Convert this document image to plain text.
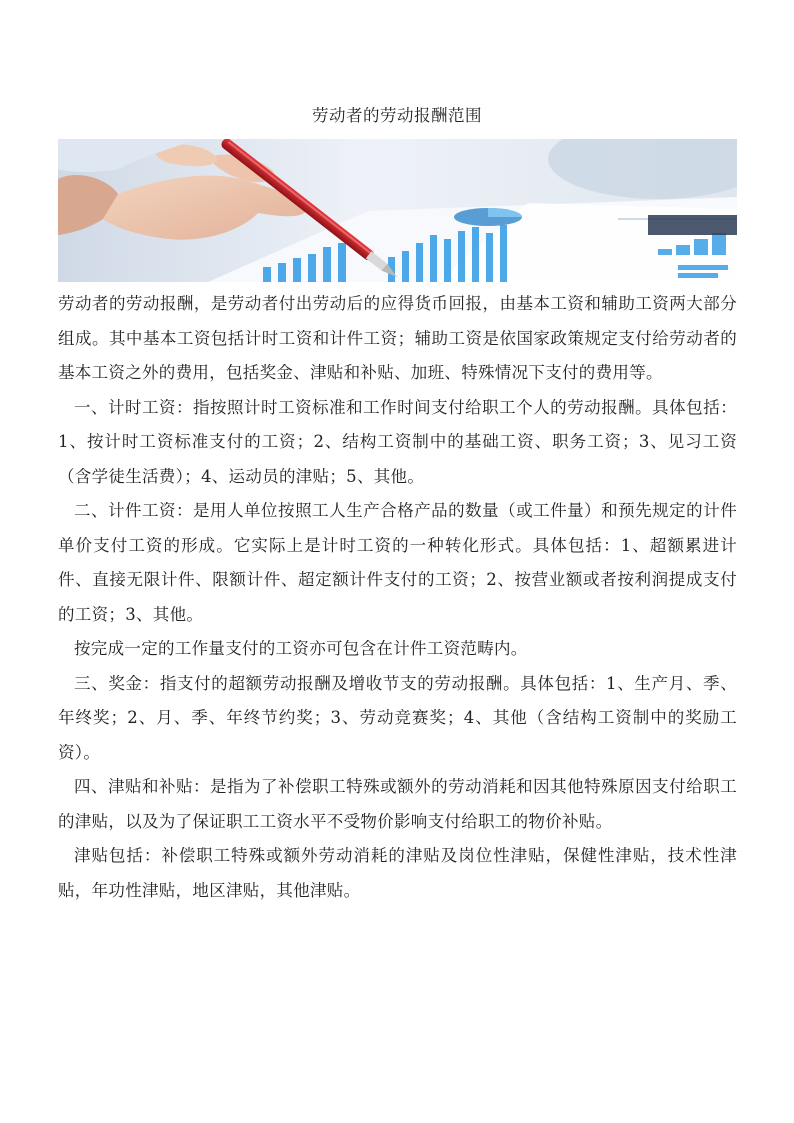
劳动者的劳动报酬范围

劳动者的劳动报酬，是劳动者付出劳动后的应得货币回报，由基本工资和辅助工资两大部分组成。其中基本工资包括计时工资和计件工资；辅助工资是依国家政策规定支付给劳动者的基本工资之外的费用，包括奖金、津贴和补贴、加班、特殊情况下支付的费用等。

一、计时工资：指按照计时工资标准和工作时间支付给职工个人的劳动报酬。具体包括：1、按计时工资标准支付的工资；2、结构工资制中的基础工资、职务工资；3、见习工资（含学徒生活费）；4、运动员的津贴；5、其他。

二、计件工资：是用人单位按照工人生产合格产品的数量（或工件量）和预先规定的计件单价支付工资的形成。它实际上是计时工资的一种转化形式。具体包括：1、超额累进计件、直接无限计件、限额计件、超定额计件支付的工资；2、按营业额或者按利润提成支付的工资；3、其他。

按完成一定的工作量支付的工资亦可包含在计件工资范畴内。

三、奖金：指支付的超额劳动报酬及增收节支的劳动报酬。具体包括：1、生产月、季、年终奖；2、月、季、年终节约奖；3、劳动竞赛奖；4、其他（含结构工资制中的奖励工资）。

四、津贴和补贴：是指为了补偿职工特殊或额外的劳动消耗和因其他特殊原因支付给职工的津贴，以及为了保证职工工资水平不受物价影响支付给职工的物价补贴。

津贴包括：补偿职工特殊或额外劳动消耗的津贴及岗位性津贴，保健性津贴，技术性津贴，年功性津贴，地区津贴，其他津贴。
